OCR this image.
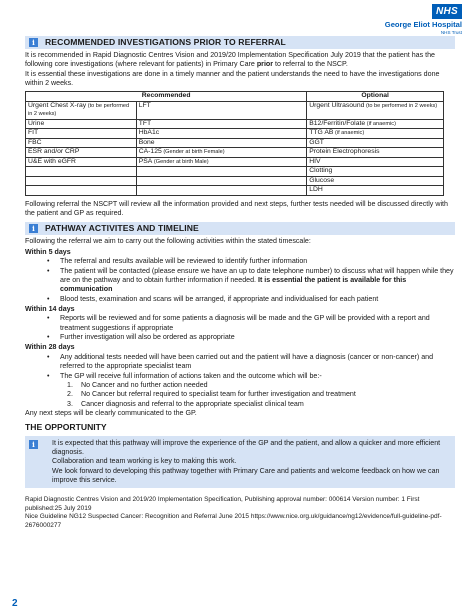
NHS
George Eliot Hospital
NHS Trust
i	RECOMMENDED INVESTIGATIONS PRIOR TO REFERRAL

It is recommended in Rapid Diagnostic Centres Vision and 2019/20 Implementation Specification July 2019 that the patient has the following core investigations (where relevant for patients) in Primary Care prior to referral to the NSCP.

It is essential these investigations are done in a timely manner and the patient understands the need to have the investigations done within 2 weeks.

Recommended		Optional
Urgent Chest X-ray (to be performed in 2 weeks)	LFT	Urgent Ultrasound (to be performed in 2 weeks)
Urine	TFT	B12/Ferritin/Folate (if anaemic)
FIT	HbA1c	TTG AB (if anaemic)
FBC	Bone	GGT
ESR and/or CRP	CA-125 (Gender at birth Female)	Protein Electrophoresis
U&E with eGFR	PSA (Gender at birth Male)	HIV
		Clotting
		Glucose
		LDH

Following referral the NSCPT will review all the information provided and next steps, further tests needed will be discussed directly with the patient and GP as required.

i	PATHWAY ACTIVITES AND TIMELINE

Following the referral we aim to carry out the following activities within the stated timescale:

Within 5 days
• The referral and results available will be reviewed to identify further information
• The patient will be contacted (please ensure we have an up to date telephone number) to discuss what will happen while they are on the pathway and to obtain further information if needed. It is essential the patient is available for this communication
• Blood tests, examination and scans will be arranged, if appropriate and individualised for each patient
Within 14 days
• Reports will be reviewed and for some patients a diagnosis will be made and the GP will be provided with a report and treatment suggestions if appropriate
• Further investigation will also be ordered as appropriate
Within 28 days
• Any additional tests needed will have been carried out and the patient will have a diagnosis (cancer or non-cancer) and referred to the appropriate specialist team
• The GP will receive full information of actions taken and the outcome which will be:-
1. No Cancer and no further action needed
2. No Cancer but referral required to specialist team for further investigation and treatment
3. Cancer diagnosis and referral to the appropriate specialist clinical team

Any next steps will be clearly communicated to the GP.

THE OPPORTUNITY
i	It is expected that this pathway will improve the experience of the GP and the patient, and allow a quicker and more efficient diagnosis.

Collaboration and team working is key to making this work.

We look forward to developing this pathway together with Primary Care and patients and welcome feedback on how we can improve this service.

Rapid Diagnostic Centres Vision and 2019/20 Implementation Specification, Publishing approval number: 000614 Version number: 1 First published:25 July 2019

Nice Guideline NG12 Suspected Cancer: Recognition and Referral June 2015 https://www.nice.org.uk/guidance/ng12/evidence/full-guideline-pdf-2676000277

2
